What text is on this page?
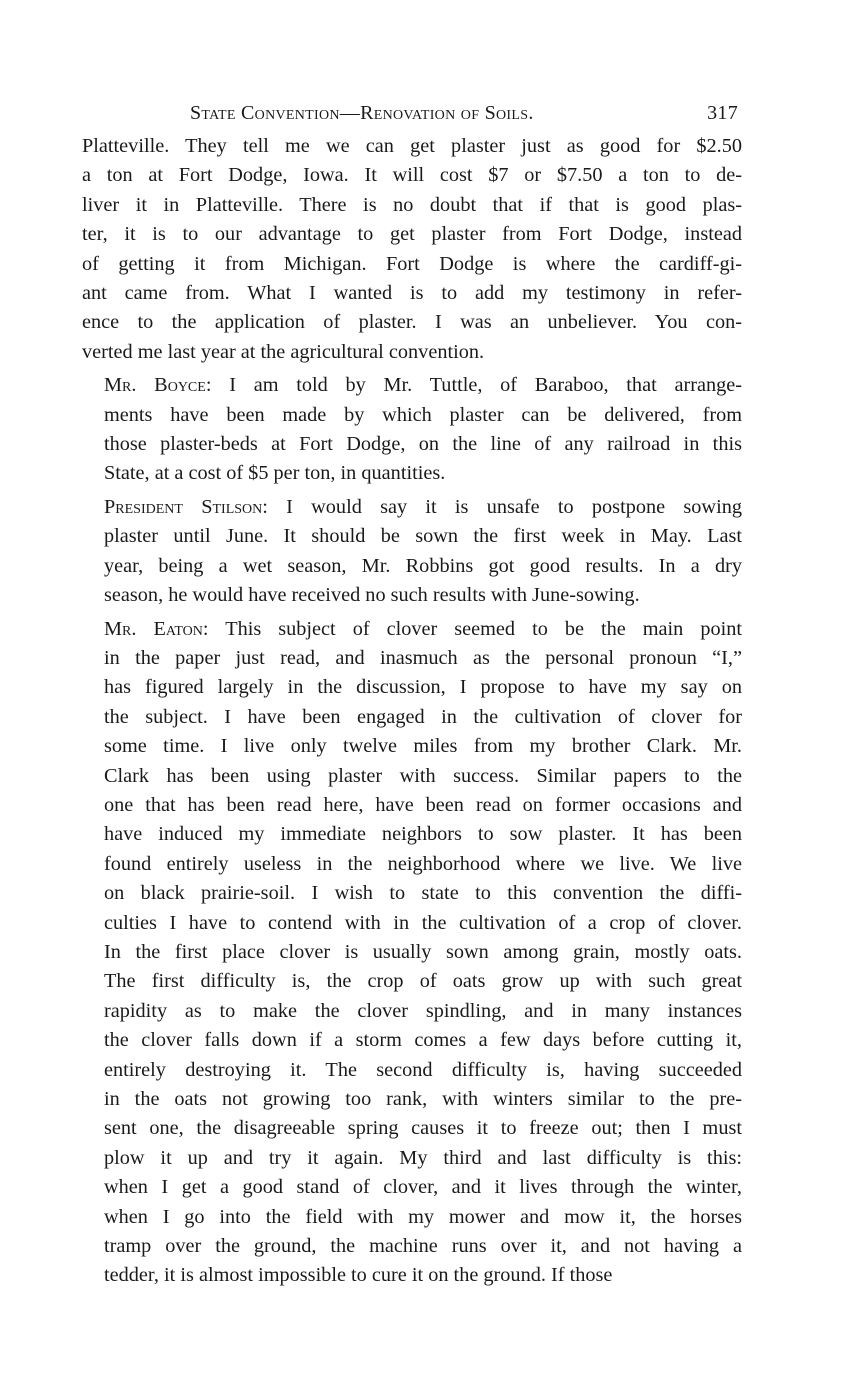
State Convention—Renovation of Soils.	317
Platteville. They tell me we can get plaster just as good for $2.50
a ton at Fort Dodge, Iowa. It will cost $7 or $7.50 a ton to de-
liver it in Platteville. There is no doubt that if that is good plas-
ter, it is to our advantage to get plaster from Fort Dodge, instead
of getting it from Michigan. Fort Dodge is where the cardiff-gi-
ant came from. What I wanted is to add my testimony in refer-
ence to the application of plaster. I was an unbeliever. You con-
verted me last year at the agricultural convention.
Mr. Boyce: I am told by Mr. Tuttle, of Baraboo, that arrange-
ments have been made by which plaster can be delivered, from
those plaster-beds at Fort Dodge, on the line of any railroad in this
State, at a cost of $5 per ton, in quantities.
President Stilson: I would say it is unsafe to postpone sowing
plaster until June. It should be sown the first week in May. Last
year, being a wet season, Mr. Robbins got good results. In a dry
season, he would have received no such results with June-sowing.
Mr. Eaton: This subject of clover seemed to be the main point
in the paper just read, and inasmuch as the personal pronoun “I,”
has figured largely in the discussion, I propose to have my say on
the subject. I have been engaged in the cultivation of clover for
some time. I live only twelve miles from my brother Clark. Mr.
Clark has been using plaster with success. Similar papers to the
one that has been read here, have been read on former occasions and
have induced my immediate neighbors to sow plaster. It has been
found entirely useless in the neighborhood where we live. We live
on black prairie-soil. I wish to state to this convention the diffi-
culties I have to contend with in the cultivation of a crop of clover.
In the first place clover is usually sown among grain, mostly oats.
The first difficulty is, the crop of oats grow up with such great
rapidity as to make the clover spindling, and in many instances
the clover falls down if a storm comes a few days before cutting it,
entirely destroying it. The second difficulty is, having succeeded
in the oats not growing too rank, with winters similar to the pre-
sent one, the disagreeable spring causes it to freeze out; then I must
plow it up and try it again. My third and last difficulty is this:
when I get a good stand of clover, and it lives through the winter,
when I go into the field with my mower and mow it, the horses
tramp over the ground, the machine runs over it, and not having a
tedder, it is almost impossible to cure it on the ground. If those
